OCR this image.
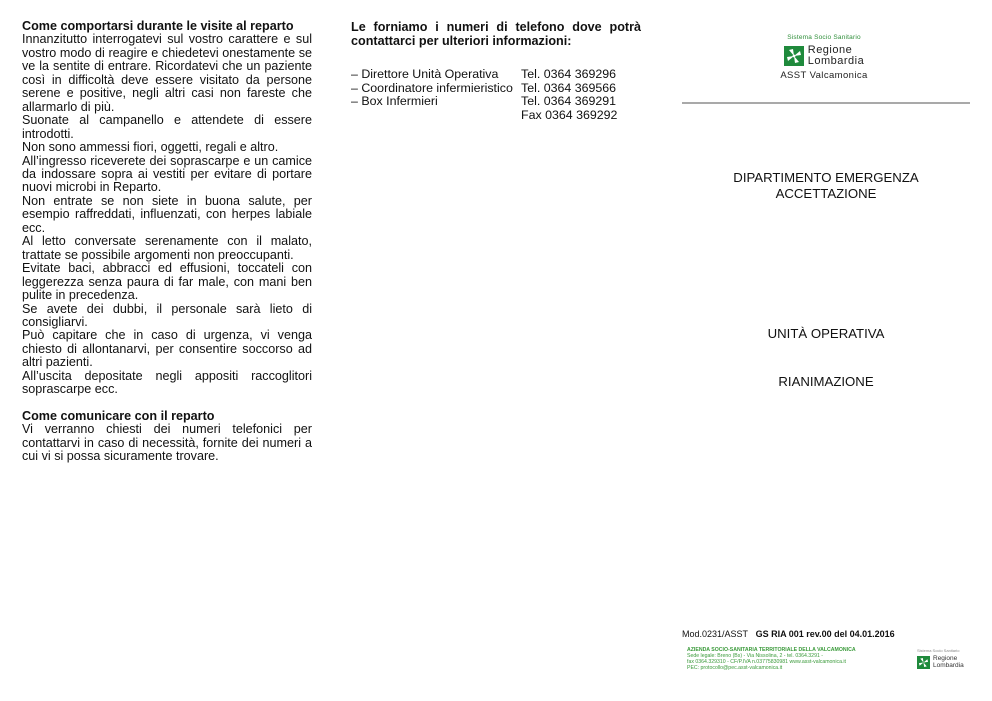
Come comportarsi durante le visite al reparto

Innanzitutto interrogatevi sul vostro carattere e sul vostro modo di reagire e chiedetevi onestamente se ve la sentite di entrare. Ricordatevi che un paziente così in difficoltà deve essere visitato da persone serene e positive, negli altri casi non fareste che allarmarlo di più.

Suonate al campanello e attendete di essere introdotti.

Non sono ammessi fiori, oggetti, regali e altro.

All’ingresso riceverete dei soprascarpe e un camice da indossare sopra ai vestiti per evitare di portare nuovi microbi in Reparto.

Non entrate se non siete in buona salute, per esempio raffreddati, influenzati, con herpes labiale ecc.

Al letto conversate serenamente con il malato, trattate se possibile argomenti non preoccupanti.

Evitate baci, abbracci ed effusioni, toccateli con leggerezza senza paura di far male, con mani ben pulite in precedenza.

Se avete dei dubbi, il personale sarà lieto di consigliarvi.

Può capitare che in caso di urgenza, vi venga chiesto di allontanarvi, per consentire soccorso ad altri pazienti.

All’uscita depositate negli appositi raccoglitori soprascarpe ecc.

Come comunicare con il reparto

Vi verranno chiesti dei numeri telefonici per contattarvi in caso di necessità, fornite dei numeri a cui vi si possa sicuramente trovare.

Le forniamo i numeri di telefono dove potrà contattarci per ulteriori informazioni:
– Direttore Unità Operativa	Tel. 0364 369296
– Coordinatore infermieristico Tel. 0364 369566
– Box Infermieri	Tel. 0364 369291
Fax 0364 369292
Sistema Socio Sanitario
Regione
Lombardia
ASST Valcamonica
DIPARTIMENTO EMERGENZA
ACCETTAZIONE
UNITÀ OPERATIVA
RIANIMAZIONE
Mod.0231/ASST GS RIA 001 rev.00 del 04.01.2016
AZIENDA SOCIO-SANITARIA TERRITORIALE DELLA VALCAMONICA
Sede legale: Breno (Bs) - Via Nissolina, 2 - tel. 0364.3291 -
fax 0364.329310 - CF/P.IVA n.03775830981 www.asst-valcamonica.it
PEC: protocollo@pec.asst-valcamonica.it
Sistema Socio Sanitario
Regione
Lombardia
